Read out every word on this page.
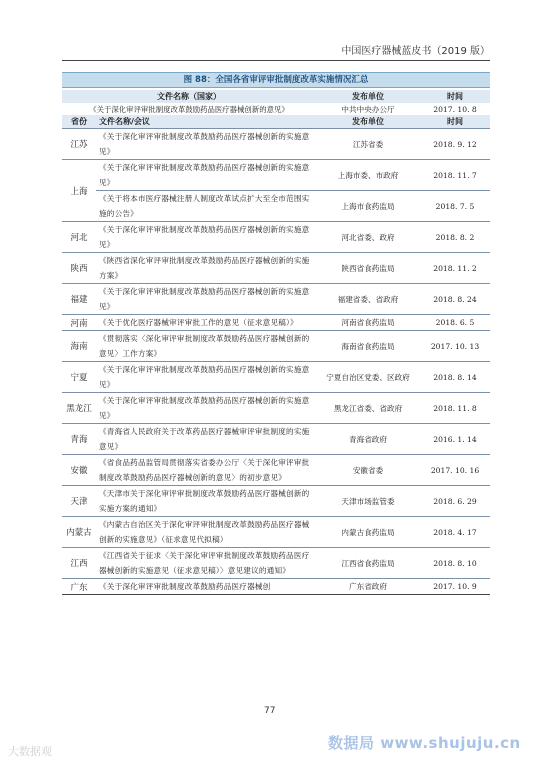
中国医疗器械蓝皮书（2019 版）
图 88：全国各省审评审批制度改革实施情况汇总
文件名称（国家）		发布单位	时间
《关于深化审评审批制度改革鼓励药品医疗器械创新的意见》		中共中央办公厅	2017. 10. 8
省份	文件名称/会议	发布单位	时间
江苏	《关于深化审评审批制度改革鼓励药品医疗器械创新的实施意见》	江苏省委	2018. 9. 12
上海	《关于深化审评审批制度改革鼓励药品医疗器械创新的实施意见》	上海市委、市政府	2018. 11. 7
	《关于将本市医疗器械注册人制度改革试点扩大至全市范围实施的公告》	上海市食药监局	2018. 7. 5
河北	《关于深化审评审批制度改革鼓励药品医疗器械创新的实施意见》	河北省委、政府	2018. 8. 2
陕西	《陕西省深化审评审批制度改革鼓励药品医疗器械创新的实施方案》	陕西省食药监局	2018. 11. 2
福建	《关于深化审评审批制度改革鼓励药品医疗器械创新的实施意见》	福建省委、省政府	2018. 8. 24
河南	《关于优化医疗器械审评审批工作的意见（征求意见稿）》	河南省食药监局	2018. 6. 5
海南	《贯彻落实〈深化审评审批制度改革鼓励药品医疗器械创新的意见〉工作方案》	海南省食药监局	2017. 10. 13
宁夏	《关于深化审评审批制度改革鼓励药品医疗器械创新的实施意见》	宁夏自治区党委、区政府	2018. 8. 14
黑龙江	《关于深化审评审批制度改革鼓励药品医疗器械创新的实施意见》	黑龙江省委、省政府	2018. 11. 8
青海	《青海省人民政府关于改革药品医疗器械审评审批制度的实施意见》	青海省政府	2016. 1. 14
安徽	《省食品药品监管局贯彻落实省委办公厅〈关于深化审评审批制度改革鼓励药品医疗器械创新的意见〉的初步意见》	安徽省委	2017. 10. 16
天津	《天津市关于深化审评审批制度改革鼓励药品医疗器械创新的实施方案的通知》	天津市场监管委	2018. 6. 29
内蒙古	《内蒙古自治区关于深化审评审批制度改革鼓励药品医疗器械创新的实施意见》（征求意见代拟稿）	内蒙古食药监局	2018. 4. 17
江西	《江西省关于征求〈关于深化审评审批制度改革鼓励药品医疗器械创新的实施意见（征求意见稿）〉意见建议的通知》	江西省食药监局	2018. 8. 10
广东	《关于深化审评审批制度改革鼓励药品医疗器械创	广东省政府	2017. 10. 9
77
大数据观	数据局 www.shujuju.cn
